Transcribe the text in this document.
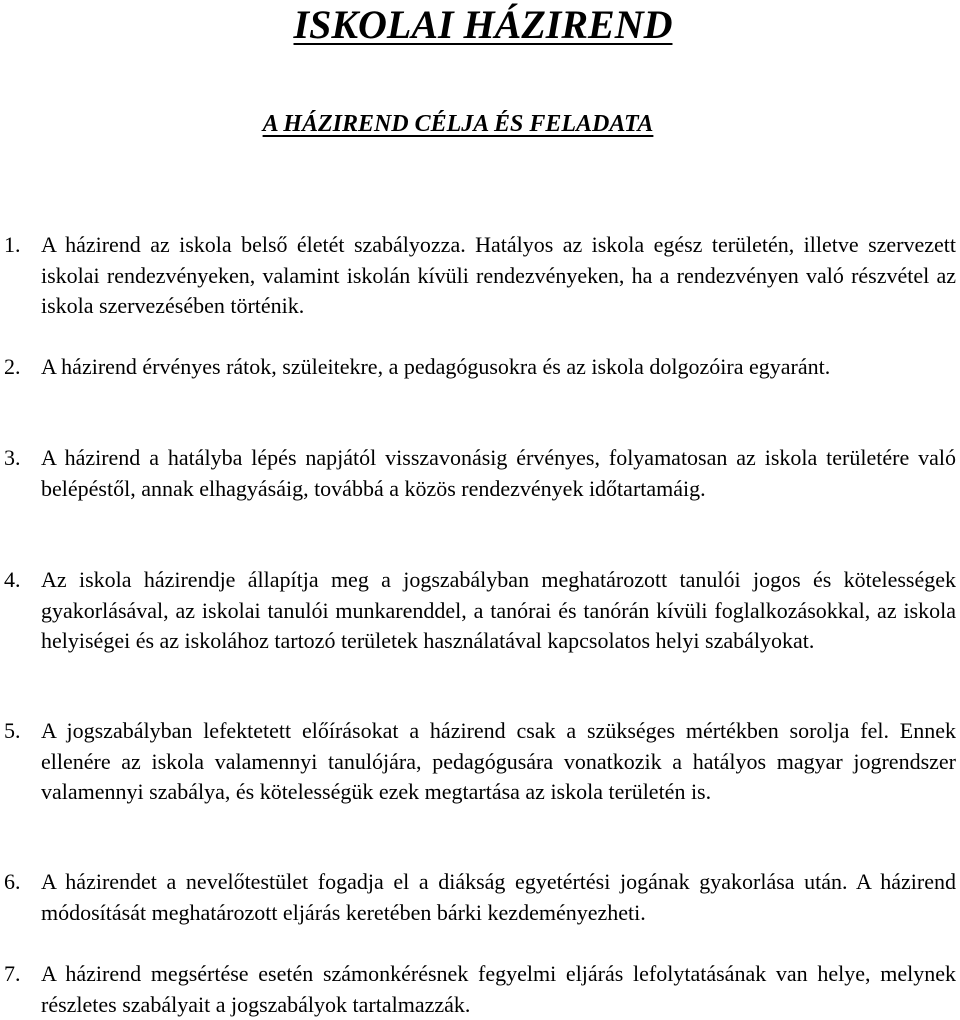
ISKOLAI HÁZIREND
A HÁZIREND CÉLJA ÉS FELADATA
1. A házirend az iskola belső életét szabályozza. Hatályos az iskola egész területén, illetve szervezett iskolai rendezvényeken, valamint iskolán kívüli rendezvényeken, ha a rendezvényen való részvétel az iskola szervezésében történik.
2. A házirend érvényes rátok, szüleitekre, a pedagógusokra és az iskola dolgozóira egyaránt.
3. A házirend a hatályba lépés napjától visszavonásig érvényes, folyamatosan az iskola területére való belépéstől, annak elhagyásáig, továbbá a közös rendezvények időtartamáig.
4. Az iskola házirendje állapítja meg a jogszabályban meghatározott tanulói jogos és kötelességek gyakorlásával, az iskolai tanulói munkarenddel, a tanórai és tanórán kívüli foglalkozásokkal, az iskola helyiségei és az iskolához tartozó területek használatával kapcsolatos helyi szabályokat.
5. A jogszabályban lefektetett előírásokat a házirend csak a szükséges mértékben sorolja fel. Ennek ellenére az iskola valamennyi tanulójára, pedagógusára vonatkozik a hatályos magyar jogrendszer valamennyi szabálya, és kötelességük ezek megtartása az iskola területén is.
6. A házirendet a nevelőtestület fogadja el a diákság egyetértési jogának gyakorlása után. A házirend módosítását meghatározott eljárás keretében bárki kezdeményezheti.
7. A házirend megsértése esetén számonkérésnek fegyelmi eljárás lefolytatásának van helye, melynek részletes szabályait a jogszabályok tartalmazzák.
